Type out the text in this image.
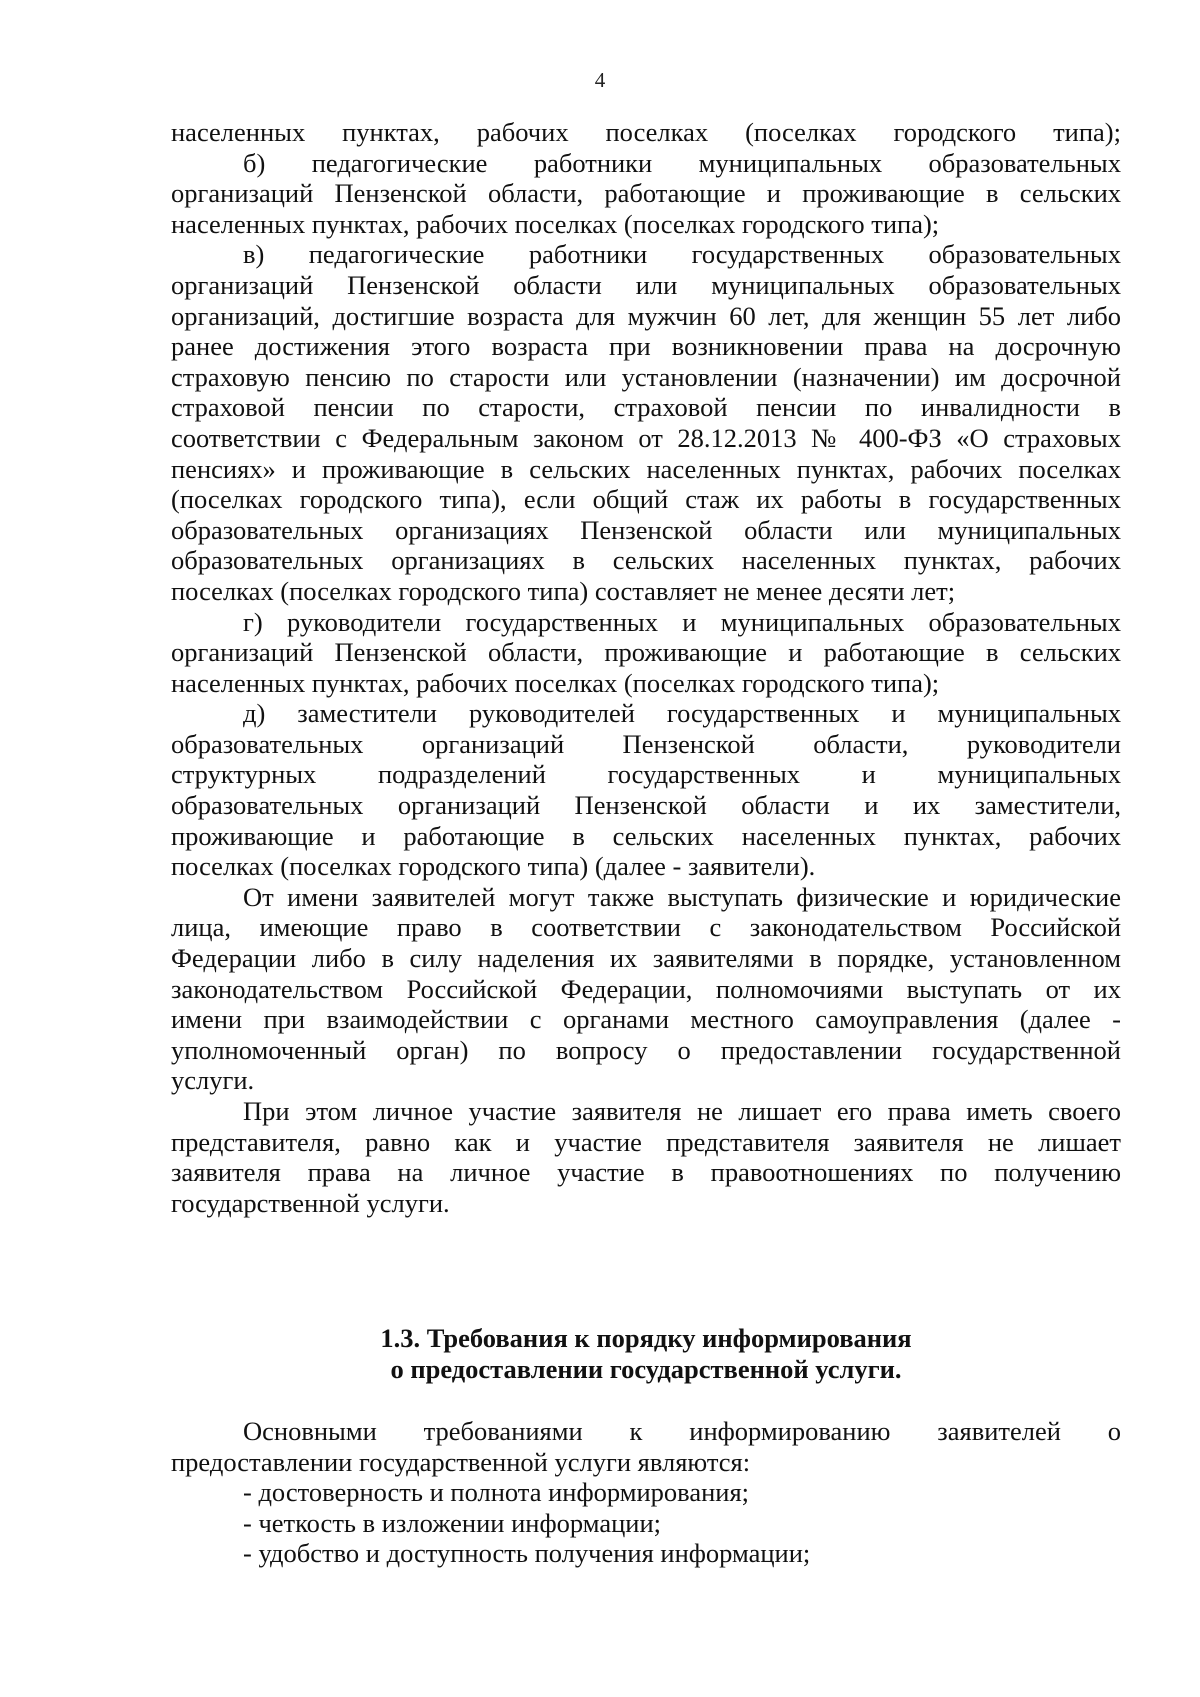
4
населенных пунктах, рабочих поселках (поселках городского типа);
б) педагогические работники муниципальных образовательных
организаций Пензенской области, работающие и проживающие в сельских
населенных пунктах, рабочих поселках (поселках городского типа);
в) педагогические работники государственных образовательных
организаций Пензенской области или муниципальных образовательных
организаций, достигшие возраста для мужчин 60 лет, для женщин 55 лет либо
ранее достижения этого возраста при возникновении права на досрочную
страховую пенсию по старости или установлении (назначении) им досрочной
страховой пенсии по старости, страховой пенсии по инвалидности в
соответствии с Федеральным законом от 28.12.2013 № 400-ФЗ «О страховых
пенсиях» и проживающие в сельских населенных пунктах, рабочих поселках
(поселках городского типа), если общий стаж их работы в государственных
образовательных организациях Пензенской области или муниципальных
образовательных организациях в сельских населенных пунктах, рабочих
поселках (поселках городского типа) составляет не менее десяти лет;
г) руководители государственных и муниципальных образовательных
организаций Пензенской области, проживающие и работающие в сельских
населенных пунктах, рабочих поселках (поселках городского типа);
д) заместители руководителей государственных и муниципальных
образовательных организаций Пензенской области, руководители
структурных подразделений государственных и муниципальных
образовательных организаций Пензенской области и их заместители,
проживающие и работающие в сельских населенных пунктах, рабочих
поселках (поселках городского типа) (далее - заявители).
От имени заявителей могут также выступать физические и юридические
лица, имеющие право в соответствии с законодательством Российской
Федерации либо в силу наделения их заявителями в порядке, установленном
законодательством Российской Федерации, полномочиями выступать от их
имени при взаимодействии с органами местного самоуправления (далее -
уполномоченный орган) по вопросу о предоставлении государственной
услуги.
При этом личное участие заявителя не лишает его права иметь своего
представителя, равно как и участие представителя заявителя не лишает
заявителя права на личное участие в правоотношениях по получению
государственной услуги.
1.3. Требования к порядку информирования
о предоставлении государственной услуги.
Основными требованиями к информированию заявителей о
предоставлении государственной услуги являются:
- достоверность и полнота информирования;
- четкость в изложении информации;
- удобство и доступность получения информации;
